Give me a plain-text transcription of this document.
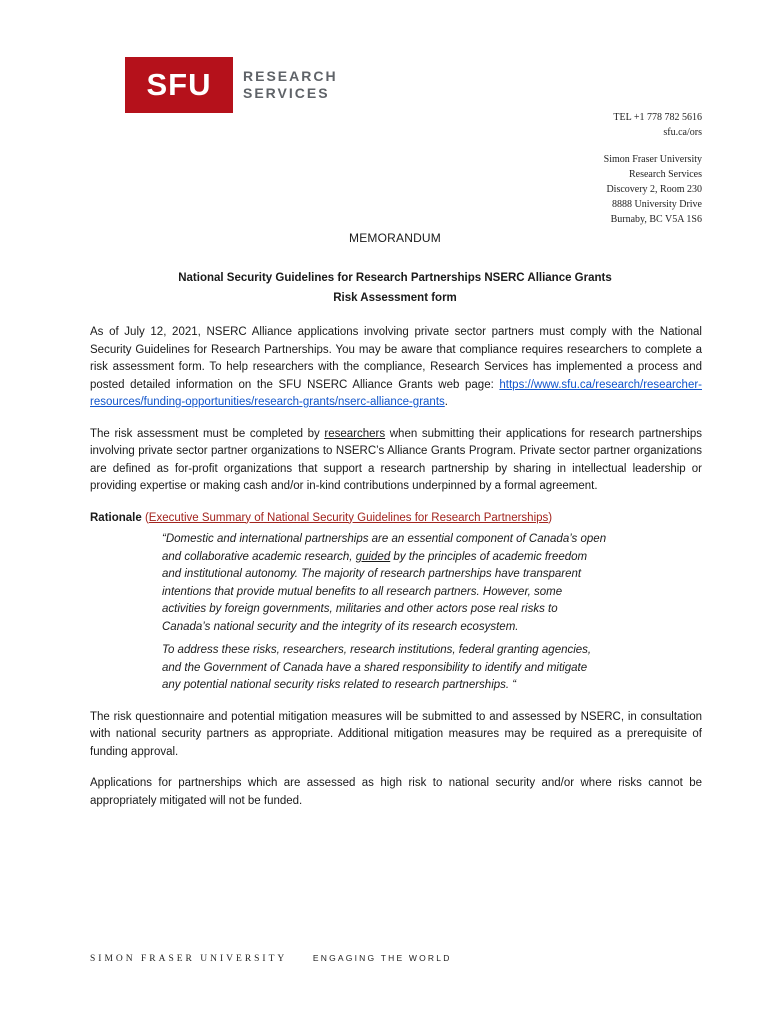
SFU	RESEARCH
SERVICES
TEL +1 778 782 5616
sfu.ca/ors
Simon Fraser University
Research Services
Discovery 2, Room 230
8888 University Drive
Burnaby, BC V5A 1S6
MEMORANDUM
National Security Guidelines for Research Partnerships NSERC Alliance Grants
Risk Assessment form

As of July 12, 2021, NSERC Alliance applications involving private sector partners must comply with the National Security Guidelines for Research Partnerships. You may be aware that compliance requires researchers to complete a risk assessment form. To help researchers with the compliance, Research Services has implemented a process and posted detailed information on the SFU NSERC Alliance Grants web page: https://www.sfu.ca/research/researcher-resources/funding-opportunities/research-grants/nserc-alliance-grants.

The risk assessment must be completed by researchers when submitting their applications for research partnerships involving private sector partner organizations to NSERC’s Alliance Grants Program. Private sector partner organizations are defined as for-profit organizations that support a research partnership by sharing in intellectual leadership or providing expertise or making cash and/or in-kind contributions underpinned by a formal agreement.

Rationale (Executive Summary of National Security Guidelines for Research Partnerships)

“Domestic and international partnerships are an essential component of Canada’s open and collaborative academic research, guided by the principles of academic freedom and institutional autonomy. The majority of research partnerships have transparent intentions that provide mutual benefits to all research partners. However, some activities by foreign governments, militaries and other actors pose real risks to Canada’s national security and the integrity of its research ecosystem.

To address these risks, researchers, research institutions, federal granting agencies, and the Government of Canada have a shared responsibility to identify and mitigate any potential national security risks related to research partnerships. “

The risk questionnaire and potential mitigation measures will be submitted to and assessed by NSERC, in consultation with national security partners as appropriate. Additional mitigation measures may be required as a prerequisite of funding approval.

Applications for partnerships which are assessed as high risk to national security and/or where risks cannot be appropriately mitigated will not be funded.

SIMON FRASER UNIVERSITY	ENGAGING THE WORLD
